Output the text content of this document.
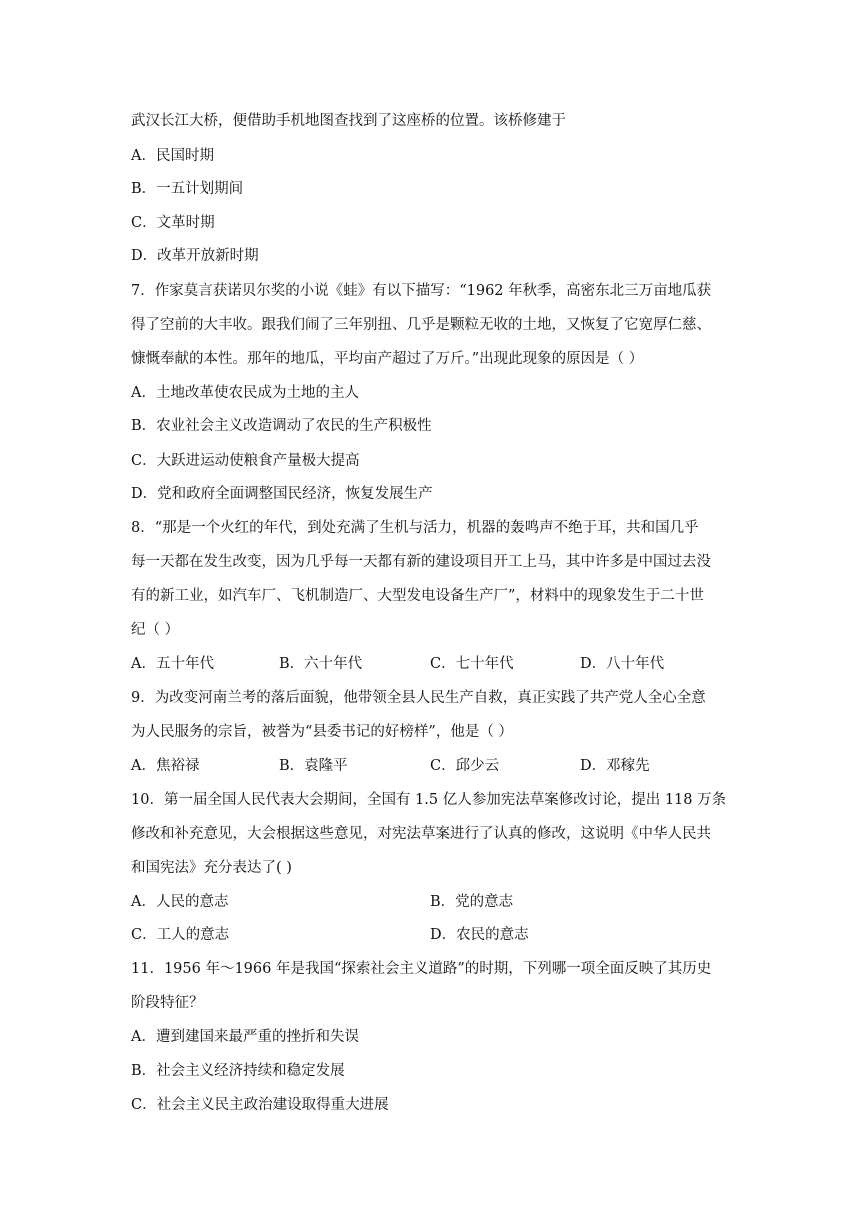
武汉长江大桥，便借助手机地图查找到了这座桥的位置。该桥修建于
A．民国时期
B．一五计划期间
C．文革时期
D．改革开放新时期
7．作家莫言获诺贝尔奖的小说《蛙》有以下描写：“1962 年秋季，高密东北三万亩地瓜获
得了空前的大丰收。跟我们闹了三年别扭、几乎是颗粒无收的土地，又恢复了它宽厚仁慈、
慷慨奉献的本性。那年的地瓜，平均亩产超过了万斤。”出现此现象的原因是（ ）
A．土地改革使农民成为土地的主人
B．农业社会主义改造调动了农民的生产积极性
C．大跃进运动使粮食产量极大提高
D．党和政府全面调整国民经济，恢复发展生产
8．“那是一个火红的年代，到处充满了生机与活力，机器的轰鸣声不绝于耳，共和国几乎
每一天都在发生改变，因为几乎每一天都有新的建设项目开工上马，其中许多是中国过去没
有的新工业，如汽车厂、飞机制造厂、大型发电设备生产厂”，材料中的现象发生于二十世
纪（ ）
A．五十年代	B．六十年代	C．七十年代	D．八十年代
9．为改变河南兰考的落后面貌，他带领全县人民生产自救，真正实践了共产党人全心全意
为人民服务的宗旨，被誉为“县委书记的好榜样”，他是（ ）
A．焦裕禄	B．袁隆平	C．邱少云	D．邓稼先
10．第一届全国人民代表大会期间，全国有 1.5 亿人参加宪法草案修改讨论，提出 118 万条
修改和补充意见，大会根据这些意见，对宪法草案进行了认真的修改，这说明《中华人民共
和国宪法》充分表达了( )
A．人民的意志	B．党的意志
C．工人的意志	D．农民的意志
11．1956 年～1966 年是我国“探索社会主义道路”的时期，下列哪一项全面反映了其历史
阶段特征？
A．遭到建国来最严重的挫折和失误
B．社会主义经济持续和稳定发展
C．社会主义民主政治建设取得重大进展
